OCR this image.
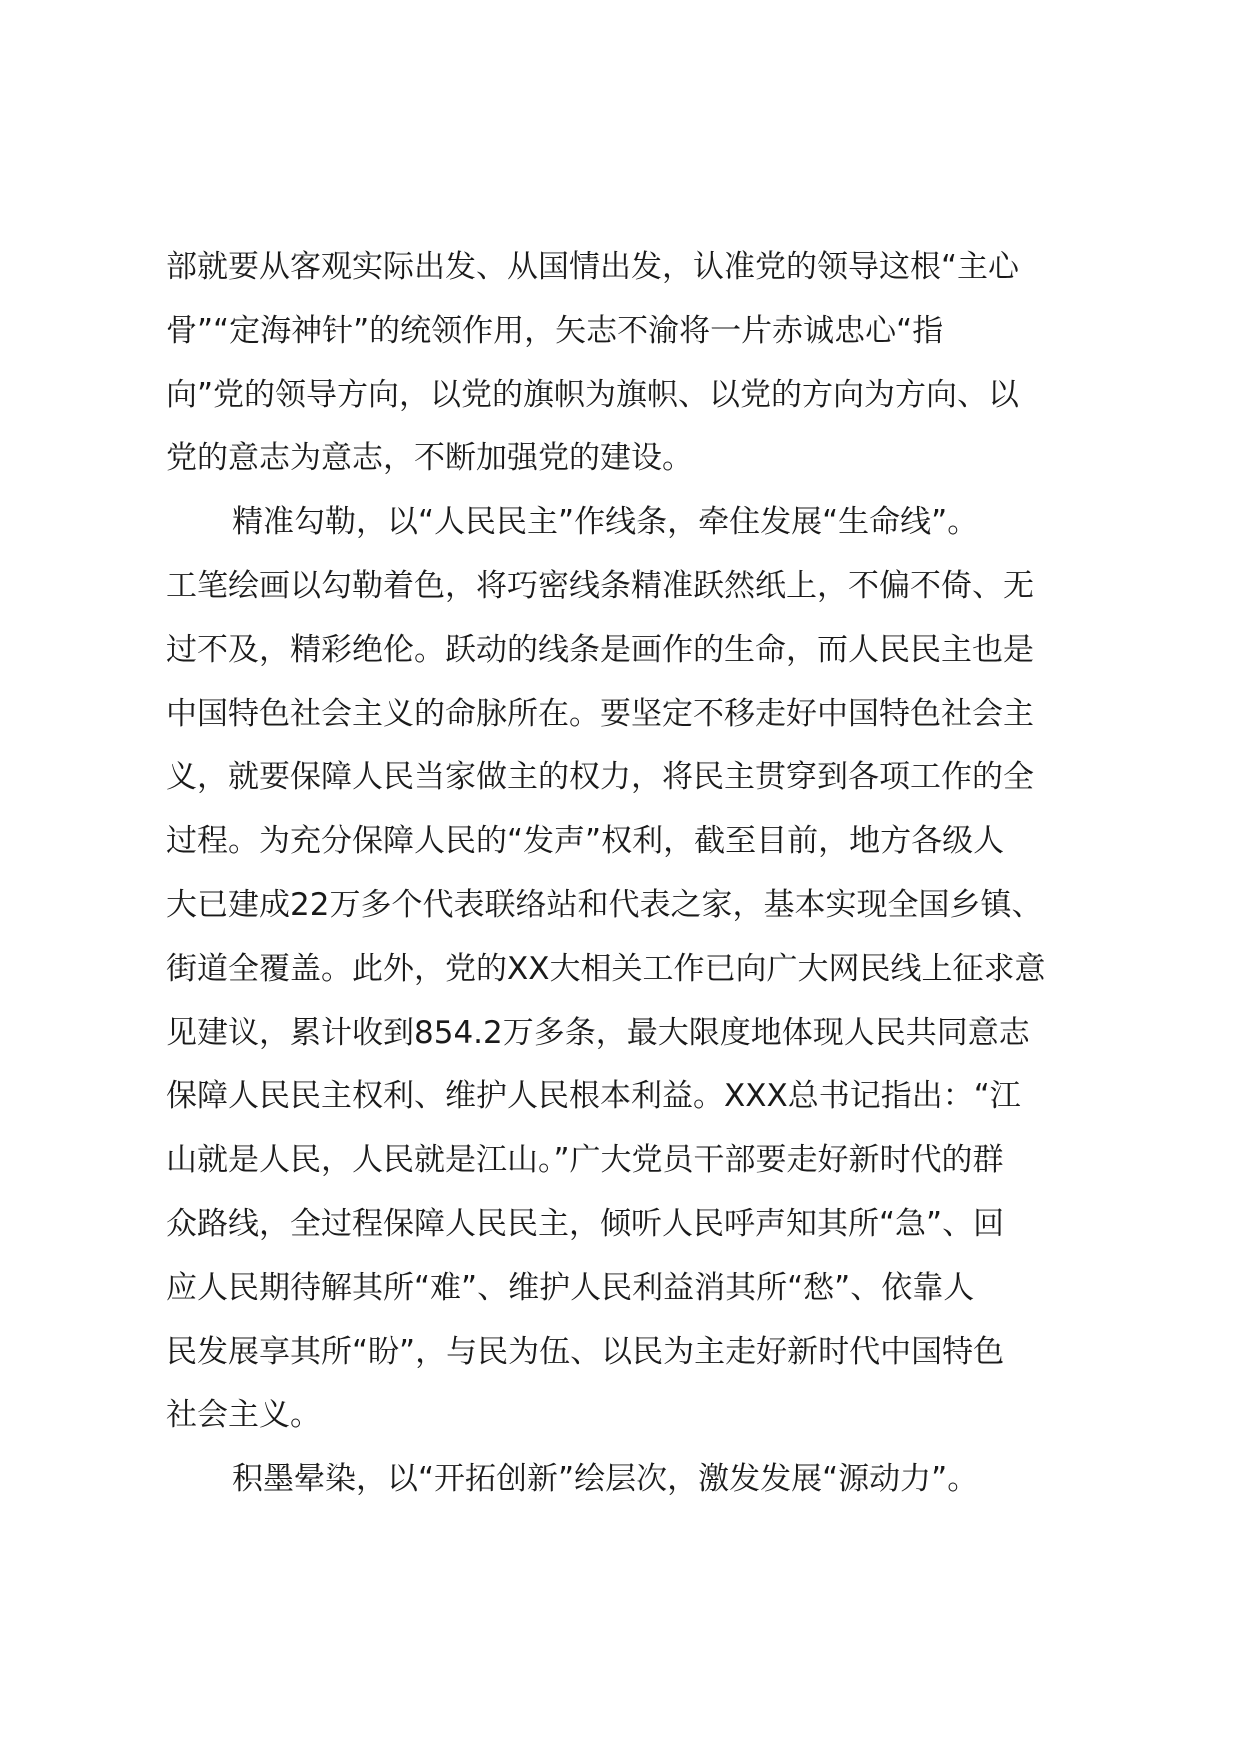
部就要从客观实际出发、从国情出发，认准党的领导这根“主心
骨”“定海神针”的统领作用，矢志不渝将一片赤诚忠心“指
向”党的领导方向，以党的旗帜为旗帜、以党的方向为方向、以
党的意志为意志，不断加强党的建设。
精准勾勒，以“人民民主”作线条，牵住发展“生命线”。
工笔绘画以勾勒着色，将巧密线条精准跃然纸上，不偏不倚、无
过不及，精彩绝伦。跃动的线条是画作的生命，而人民民主也是
中国特色社会主义的命脉所在。要坚定不移走好中国特色社会主
义，就要保障人民当家做主的权力，将民主贯穿到各项工作的全
过程。为充分保障人民的“发声”权利，截至目前，地方各级人
大已建成22万多个代表联络站和代表之家，基本实现全国乡镇、
街道全覆盖。此外，党的XX大相关工作已向广大网民线上征求意
见建议，累计收到854.2万多条，最大限度地体现人民共同意志
保障人民民主权利、维护人民根本利益。XXX总书记指出：“江
山就是人民，人民就是江山。”广大党员干部要走好新时代的群
众路线，全过程保障人民民主，倾听人民呼声知其所“急”、回
应人民期待解其所“难”、维护人民利益消其所“愁”、依靠人
民发展享其所“盼”，与民为伍、以民为主走好新时代中国特色
社会主义。
积墨晕染，以“开拓创新”绘层次，激发发展“源动力”。
